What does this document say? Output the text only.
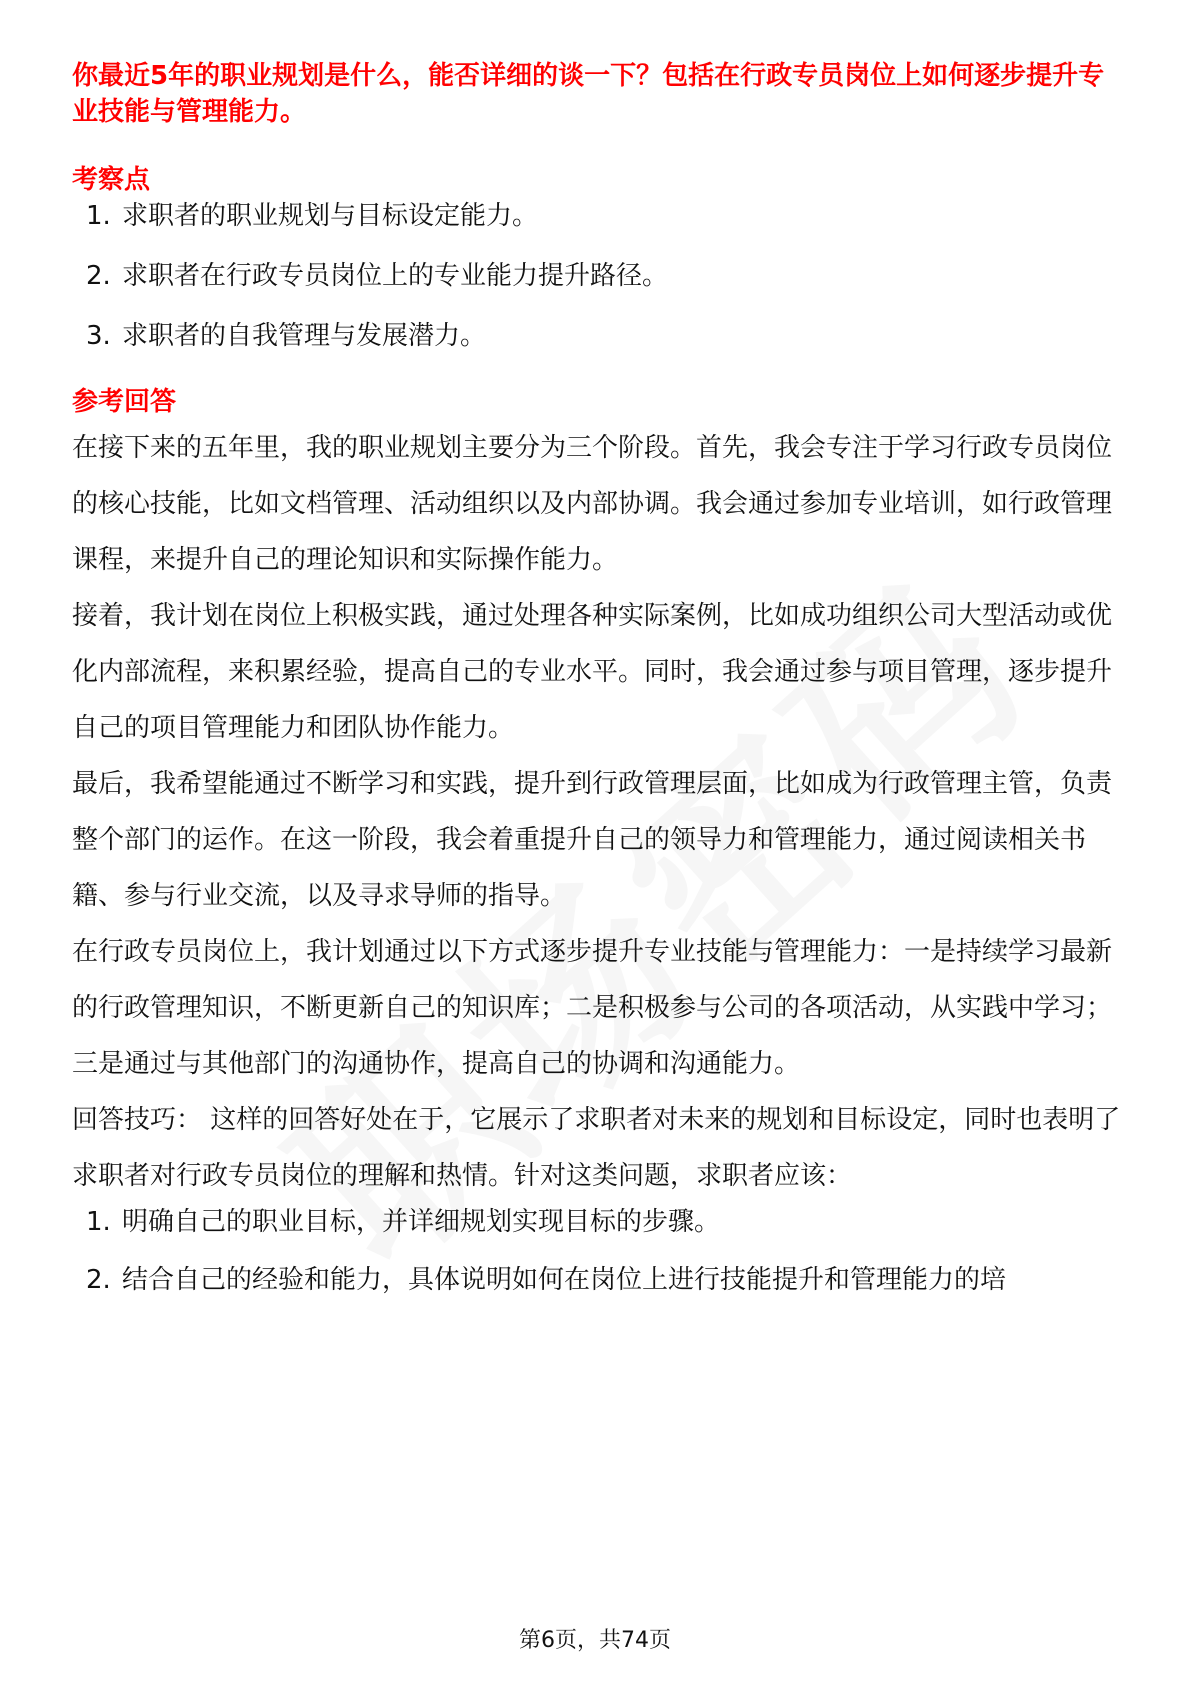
你最近5年的职业规划是什么，能否详细的谈一下？包括在行政专员岗位上如何逐步提升专业技能与管理能力。

考察点

1. 求职者的职业规划与目标设定能力。
2. 求职者在行政专员岗位上的专业能力提升路径。
3. 求职者的自我管理与发展潜力。

参考回答

在接下来的五年里，我的职业规划主要分为三个阶段。首先，我会专注于学习行政专员岗位的核心技能，比如文档管理、活动组织以及内部协调。我会通过参加专业培训，如行政管理课程，来提升自己的理论知识和实际操作能力。

接着，我计划在岗位上积极实践，通过处理各种实际案例，比如成功组织公司大型活动或优化内部流程，来积累经验，提高自己的专业水平。同时，我会通过参与项目管理，逐步提升自己的项目管理能力和团队协作能力。

最后，我希望能通过不断学习和实践，提升到行政管理层面，比如成为行政管理主管，负责整个部门的运作。在这一阶段，我会着重提升自己的领导力和管理能力，通过阅读相关书籍、参与行业交流，以及寻求导师的指导。

在行政专员岗位上，我计划通过以下方式逐步提升专业技能与管理能力：一是持续学习最新的行政管理知识，不断更新自己的知识库；二是积极参与公司的各项活动，从实践中学习；三是通过与其他部门的沟通协作，提高自己的协调和沟通能力。

回答技巧： 这样的回答好处在于，它展示了求职者对未来的规划和目标设定，同时也表明了求职者对行政专员岗位的理解和热情。针对这类问题，求职者应该：

1. 明确自己的职业目标，并详细规划实现目标的步骤。
2. 结合自己的经验和能力，具体说明如何在岗位上进行技能提升和管理能力的培
第6页，共74页
